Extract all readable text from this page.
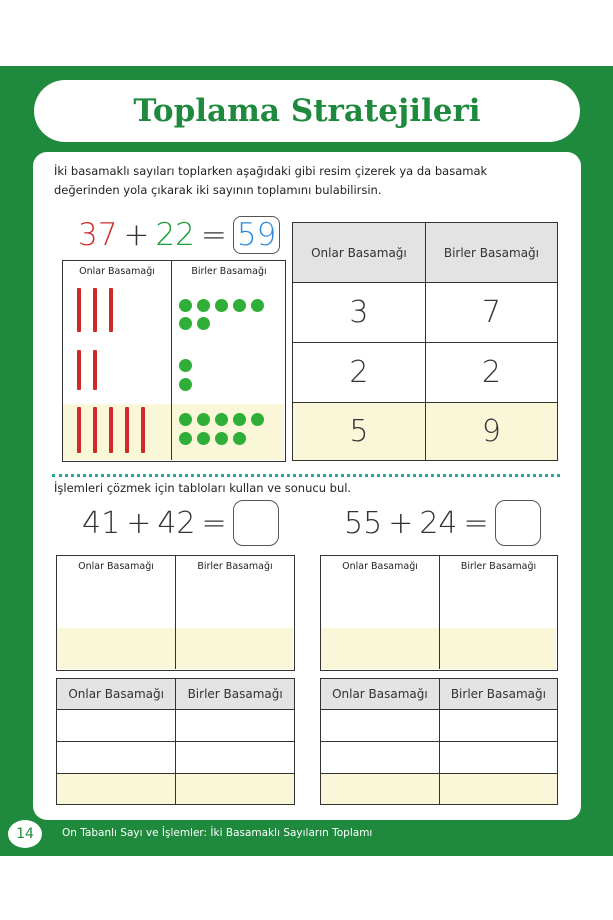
Toplama Stratejileri
İki basamaklı sayıları toplarken aşağıdaki gibi resim çizerek ya da basamak değerinden yola çıkarak iki sayının toplamını bulabilirsin.
37 + 22 = 59
Onlar Basamağı	Birler Basamağı
Onlar Basamağı	Birler Basamağı
3	7
2	2
5	9
İşlemleri çözmek için tabloları kullan ve sonucu bul.
41 + 42 =
Onlar Basamağı	Birler Basamağı
Onlar Basamağı	Birler Basamağı

55 + 24 =
Onlar Basamağı	Birler Basamağı
Onlar Basamağı	Birler Basamağı

14	On Tabanlı Sayı ve İşlemler: İki Basamaklı Sayıların Toplamı
